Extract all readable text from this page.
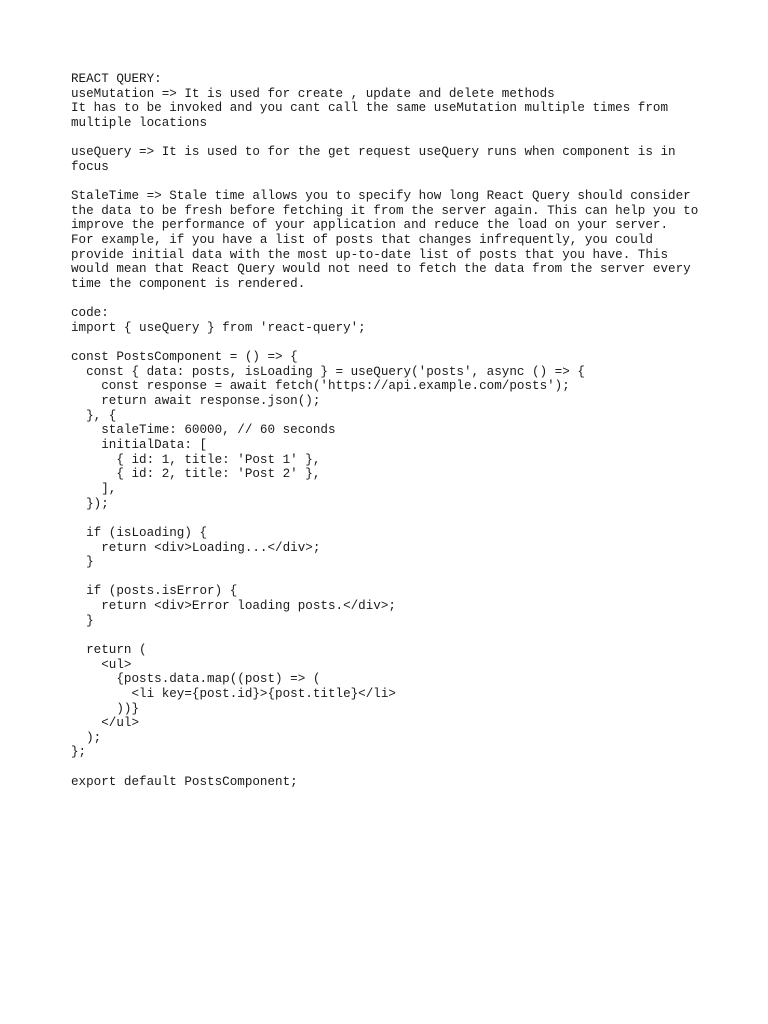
REACT QUERY:
useMutation => It is used for create , update and delete methods
It has to be invoked and you cant call the same useMutation multiple times from
multiple locations
useQuery => It is used to for the get request useQuery runs when component is in
focus
StaleTime => Stale time allows you to specify how long React Query should consider
the data to be fresh before fetching it from the server again. This can help you to
improve the performance of your application and reduce the load on your server.
For example, if you have a list of posts that changes infrequently, you could
provide initial data with the most up-to-date list of posts that you have. This
would mean that React Query would not need to fetch the data from the server every
time the component is rendered.
code:
import { useQuery } from 'react-query';
const PostsComponent = () => {
const { data: posts, isLoading } = useQuery('posts', async () => {
const response = await fetch('https://api.example.com/posts');
return await response.json();
}, {
staleTime: 60000, // 60 seconds
initialData: [
{ id: 1, title: 'Post 1' },
{ id: 2, title: 'Post 2' },
],
});
if (isLoading) {
return <div>Loading...</div>;
}
if (posts.isError) {
return <div>Error loading posts.</div>;
}
return (
<ul>
{posts.data.map((post) => (
<li key={post.id}>{post.title}</li>
))}
</ul>
);
};
export default PostsComponent;
